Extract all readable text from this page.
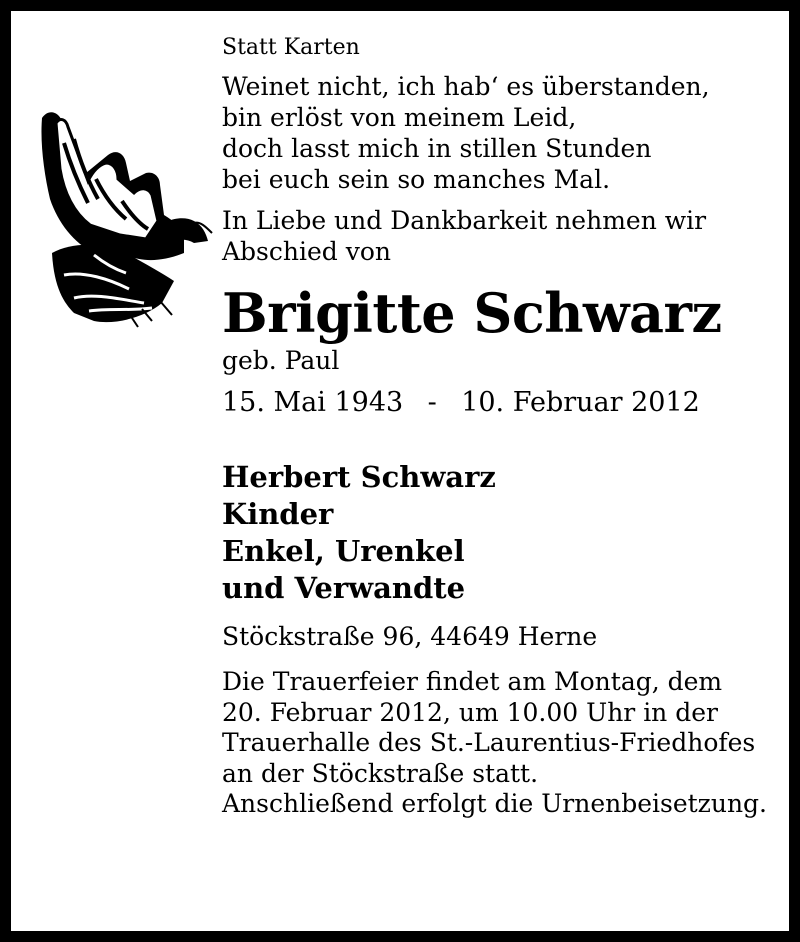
Statt Karten
Weinet nicht, ich hab‘ es überstanden,
bin erlöst von meinem Leid,
doch lasst mich in stillen Stunden
bei euch sein so manches Mal.
In Liebe und Dankbarkeit nehmen wir
Abschied von
Brigitte Schwarz
geb. Paul
15. Mai 1943 - 10. Februar 2012
Herbert Schwarz
Kinder
Enkel, Urenkel
und Verwandte
Stöckstraße 96, 44649 Herne
Die Trauerfeier findet am Montag, dem
20. Februar 2012, um 10.00 Uhr in der
Trauerhalle des St.-Laurentius-Friedhofes
an der Stöckstraße statt.
Anschließend erfolgt die Urnenbeisetzung.
